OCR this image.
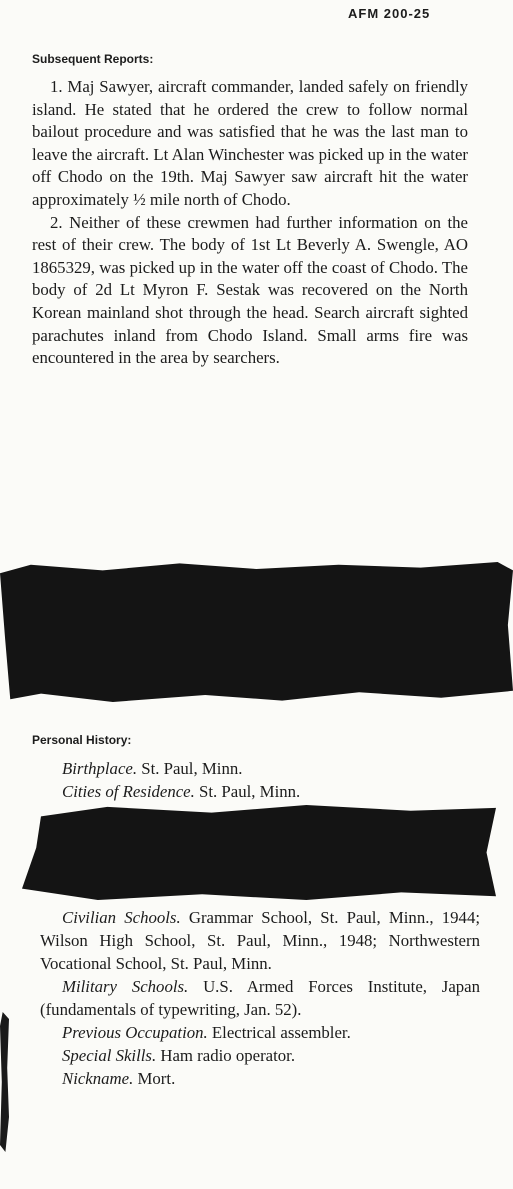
AFM 200-25
Subsequent Reports:

1. Maj Sawyer, aircraft commander, landed safely on friendly island. He stated that he ordered the crew to follow normal bailout procedure and was satisfied that he was the last man to leave the aircraft. Lt Alan Winchester was picked up in the water off Chodo on the 19th. Maj Sawyer saw aircraft hit the water approximately ½ mile north of Chodo.

2. Neither of these crewmen had further information on the rest of their crew. The body of 1st Lt Beverly A. Swengle, AO 1865329, was picked up in the water off the coast of Chodo. The body of 2d Lt Myron F. Sestak was recovered on the North Korean mainland shot through the head. Search aircraft sighted parachutes inland from Chodo Island. Small arms fire was encountered in the area by searchers.

Personal History:

Birthplace. St. Paul, Minn.

Cities of Residence. St. Paul, Minn.

Civilian Schools. Grammar School, St. Paul, Minn., 1944; Wilson High School, St. Paul, Minn., 1948; Northwestern Vocational School, St. Paul, Minn.

Military Schools. U.S. Armed Forces Institute, Japan (fundamentals of typewriting, Jan. 52).

Previous Occupation. Electrical assembler.

Special Skills. Ham radio operator.

Nickname. Mort.
